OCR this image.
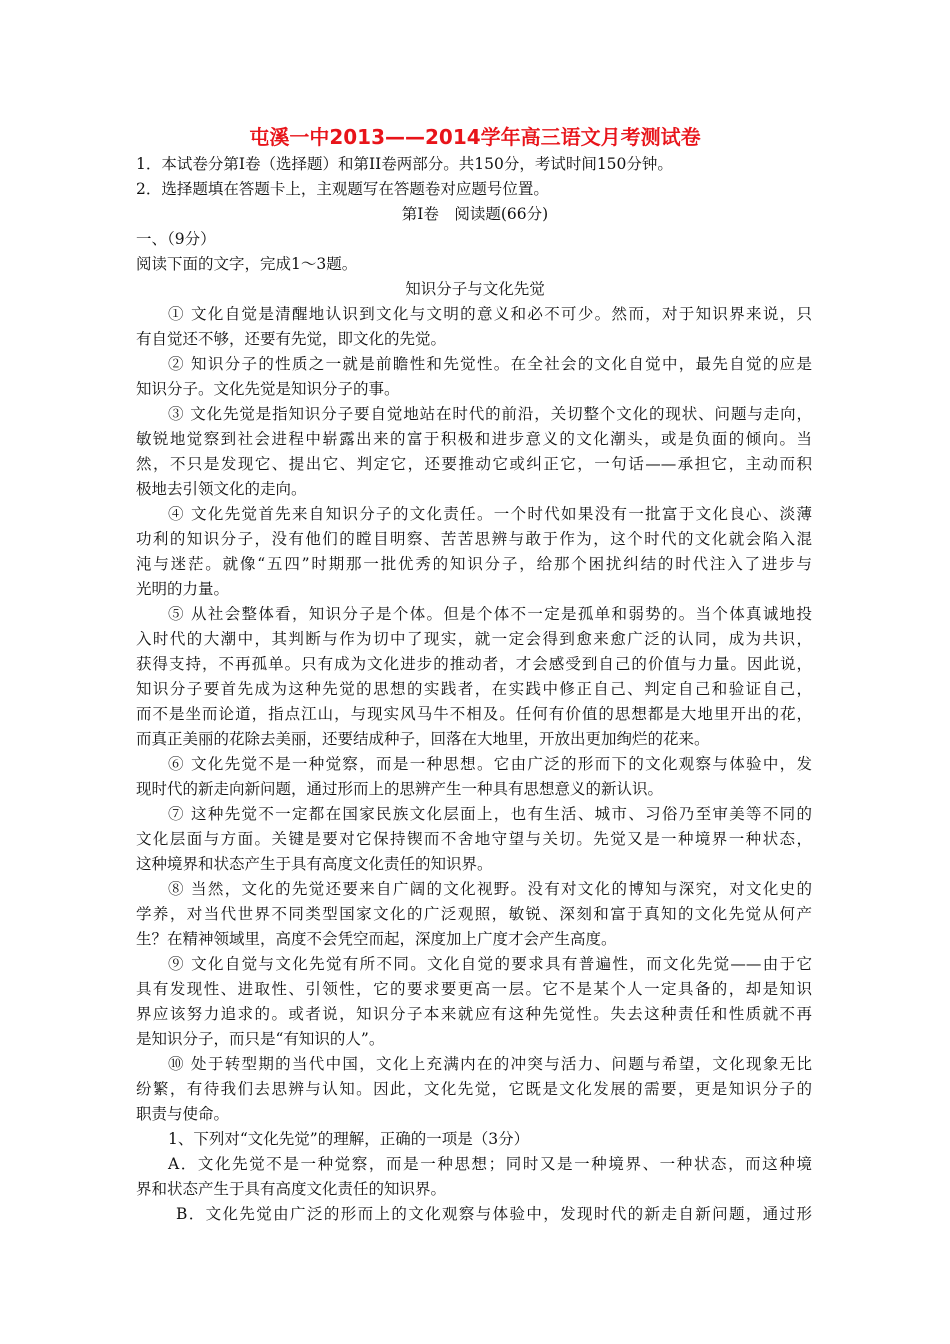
屯溪一中2013——2014学年高三语文月考测试卷
1．本试卷分第Ⅰ卷（选择题）和第II卷两部分。共150分，考试时间150分钟。
2．选择题填在答题卡上，主观题写在答题卷对应题号位置。
第Ⅰ卷　阅读题(66分)
一、（9分）
阅读下面的文字，完成1～3题。
知识分子与文化先觉
① 文化自觉是清醒地认识到文化与文明的意义和必不可少。然而，对于知识界来说，只
有自觉还不够，还要有先觉，即文化的先觉。
② 知识分子的性质之一就是前瞻性和先觉性。在全社会的文化自觉中，最先自觉的应是
知识分子。文化先觉是知识分子的事。
③ 文化先觉是指知识分子要自觉地站在时代的前沿，关切整个文化的现状、问题与走向，
敏锐地觉察到社会进程中崭露出来的富于积极和进步意义的文化潮头，或是负面的倾向。当
然，不只是发现它、提出它、判定它，还要推动它或纠正它，一句话——承担它，主动而积
极地去引领文化的走向。
④ 文化先觉首先来自知识分子的文化责任。一个时代如果没有一批富于文化良心、淡薄
功利的知识分子，没有他们的瞠目明察、苦苦思辨与敢于作为，这个时代的文化就会陷入混
沌与迷茫。就像“五四”时期那一批优秀的知识分子，给那个困扰纠结的时代注入了进步与
光明的力量。
⑤ 从社会整体看，知识分子是个体。但是个体不一定是孤单和弱势的。当个体真诚地投
入时代的大潮中，其判断与作为切中了现实，就一定会得到愈来愈广泛的认同，成为共识，
获得支持，不再孤单。只有成为文化进步的推动者，才会感受到自己的价值与力量。因此说，
知识分子要首先成为这种先觉的思想的实践者，在实践中修正自己、判定自己和验证自己，
而不是坐而论道，指点江山，与现实风马牛不相及。任何有价值的思想都是大地里开出的花，
而真正美丽的花除去美丽，还要结成种子，回落在大地里，开放出更加绚烂的花来。
⑥ 文化先觉不是一种觉察，而是一种思想。它由广泛的形而下的文化观察与体验中，发
现时代的新走向新问题，通过形而上的思辨产生一种具有思想意义的新认识。
⑦ 这种先觉不一定都在国家民族文化层面上，也有生活、城市、习俗乃至审美等不同的
文化层面与方面。关键是要对它保持锲而不舍地守望与关切。先觉又是一种境界一种状态，
这种境界和状态产生于具有高度文化责任的知识界。
⑧ 当然，文化的先觉还要来自广阔的文化视野。没有对文化的博知与深究，对文化史的
学养，对当代世界不同类型国家文化的广泛观照，敏锐、深刻和富于真知的文化先觉从何产
生？在精神领域里，高度不会凭空而起，深度加上广度才会产生高度。
⑨ 文化自觉与文化先觉有所不同。文化自觉的要求具有普遍性，而文化先觉——由于它
具有发现性、进取性、引领性，它的要求要更高一层。它不是某个人一定具备的，却是知识
界应该努力追求的。或者说，知识分子本来就应有这种先觉性。失去这种责任和性质就不再
是知识分子，而只是“有知识的人”。
⑩ 处于转型期的当代中国，文化上充满内在的冲突与活力、问题与希望，文化现象无比
纷繁，有待我们去思辨与认知。因此，文化先觉，它既是文化发展的需要，更是知识分子的
职责与使命。
1、下列对“文化先觉”的理解，正确的一项是（3分）
A．文化先觉不是一种觉察，而是一种思想；同时又是一种境界、一种状态，而这种境
界和状态产生于具有高度文化责任的知识界。
B．文化先觉由广泛的形而上的文化观察与体验中，发现时代的新走自新问题，通过形
